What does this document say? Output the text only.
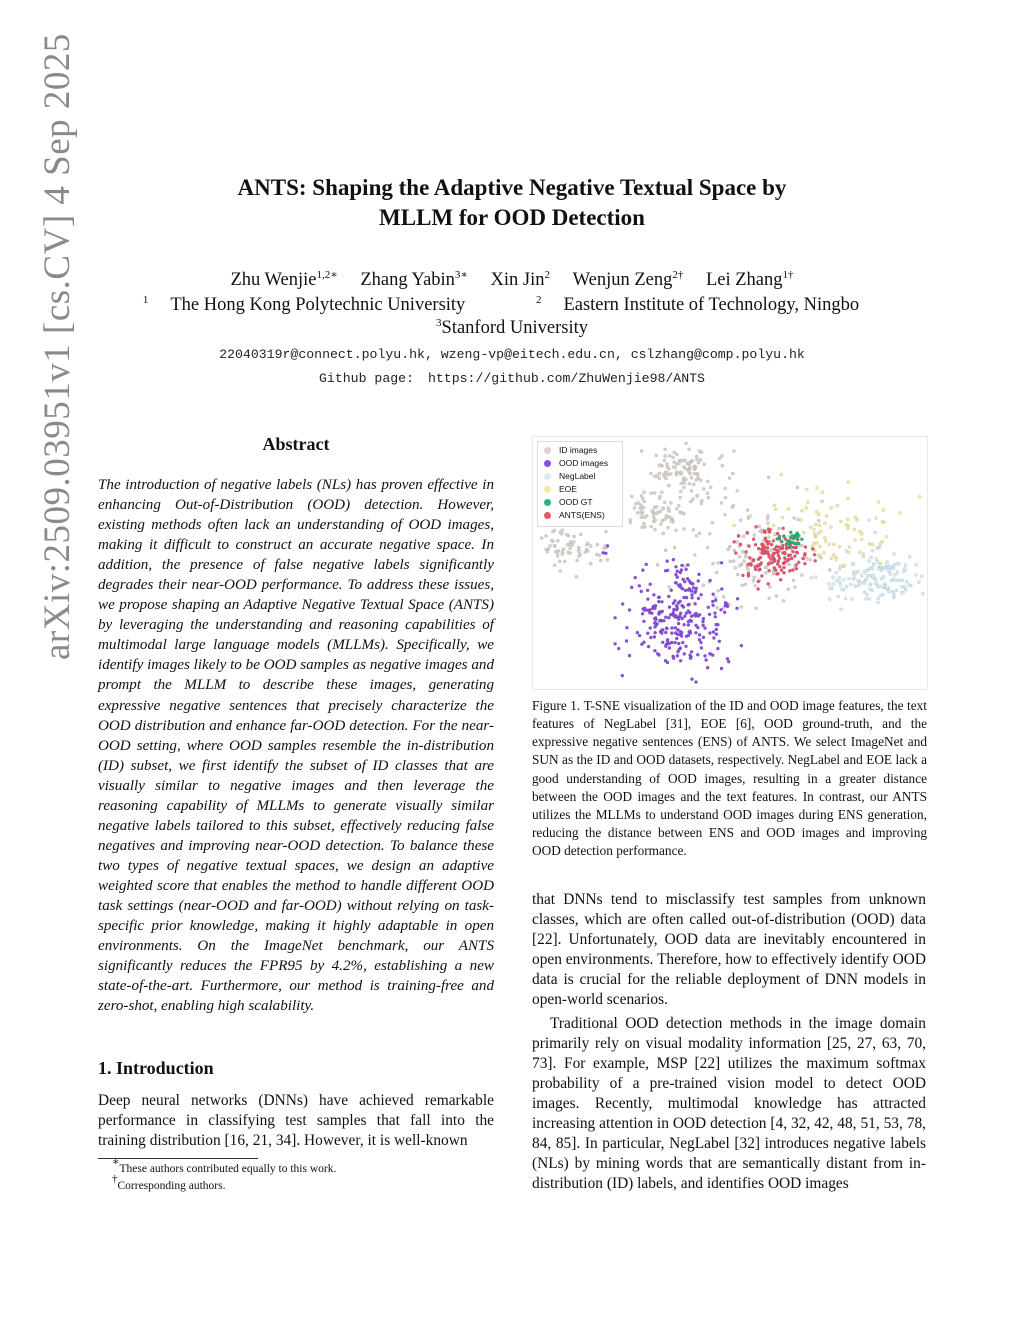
arXiv:2509.03951v1 [cs.CV] 4 Sep 2025	ANTS: Shaping the Adaptive Negative Textual Space by
MLLM for OOD Detection
Zhu Wenjie$^{1,2∗}$ Zhang Yabin$^{3∗}$ Xin Jin$^2$ Wenjun Zeng$^{2\dagger}$ Lei Zhang$^{1\dagger}$
$^1$ The Hong Kong Polytechnic University	$^2$ Eastern Institute of Technology, Ningbo
$^3$Stanford University
22040319r@connect.polyu.hk, wzeng-vp@eitech.edu.cn, cslzhang@comp.polyu.hk
Github page: https://github.com/ZhuWenjie98/ANTS
Abstract
The introduction of negative labels (NLs) has proven effective in enhancing Out-of-Distribution (OOD) detection. However, existing methods often lack an understanding of OOD images, making it difficult to construct an accurate negative space. In addition, the presence of false negative labels significantly degrades their near-OOD performance. To address these issues, we propose shaping an Adaptive Negative Textual Space (ANTS) by leveraging the understanding and reasoning capabilities of multimodal large language models (MLLMs). Specifically, we identify images likely to be OOD samples as negative images and prompt the MLLM to describe these images, generating expressive negative sentences that precisely characterize the OOD distribution and enhance far-OOD detection. For the near-OOD setting, where OOD samples resemble the in-distribution (ID) subset, we first identify the subset of ID classes that are visually similar to negative images and then leverage the reasoning capability of MLLMs to generate visually similar negative labels tailored to this subset, effectively reducing false negatives and improving near-OOD detection. To balance these two types of negative textual spaces, we design an adaptive weighted score that enables the method to handle different OOD task settings (near-OOD and far-OOD) without relying on task-specific prior knowledge, making it highly adaptable in open environments. On the ImageNet benchmark, our ANTS significantly reduces the FPR95 by 4.2%, establishing a new state-of-the-art. Furthermore, our method is training-free and zero-shot, enabling high scalability.
1. Introduction
Deep neural networks (DNNs) have achieved remarkable performance in classifying test samples that fall into the training distribution [16, 21, 34]. However, it is well-known
∗These authors contributed equally to this work.
†Corresponding authors.
ID images
OOD images
NegLabel
EOE
OOD GT
ANTS(ENS)
Figure 1. T-SNE visualization of the ID and OOD image features, the text features of NegLabel [31], EOE [6], OOD ground-truth, and the expressive negative sentences (ENS) of ANTS. We select ImageNet and SUN as the ID and OOD datasets, respectively. NegLabel and EOE lack a good understanding of OOD images, resulting in a greater distance between the OOD images and the text features. In contrast, our ANTS utilizes the MLLMs to understand OOD images during ENS generation, reducing the distance between ENS and OOD images and improving OOD detection performance.
that DNNs tend to misclassify test samples from unknown classes, which are often called out-of-distribution (OOD) data [22]. Unfortunately, OOD data are inevitably encountered in open environments. Therefore, how to effectively identify OOD data is crucial for the reliable deployment of DNN models in open-world scenarios.
Traditional OOD detection methods in the image domain primarily rely on visual modality information [25, 27, 63, 70, 73]. For example, MSP [22] utilizes the maximum softmax probability of a pre-trained vision model to detect OOD images. Recently, multimodal knowledge has attracted increasing attention in OOD detection [4, 32, 42, 48, 51, 53, 78, 84, 85]. In particular, NegLabel [32] introduces negative labels (NLs) by mining words that are semantically distant from in-distribution (ID) labels, and identifies OOD images
